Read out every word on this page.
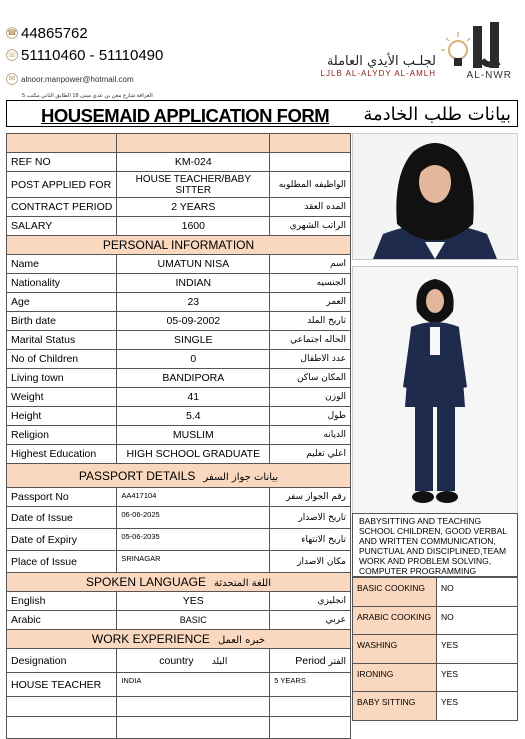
☎ 44865762
☏ 51110460 - 51110490
✉ alnoor.manpower@hotmail.com
الغرافة شارع معن بن عدي مبنى 18 الطابق الثاني مكتب 5
لجلـب الأيدي العاملة
LJLB AL-ALYDY AL-AMLH	AL-NWR
HOUSEMAID APPLICATION FORM بيانات طلب الخادمة

REF NO	KM-024	
POST APPLIED FOR	HOUSE TEACHER/BABY SITTER	الواظيفه المطلوبه
CONTRACT PERIOD	2 YEARS	المده العقد
SALARY	1600	الراتب الشهري
PERSONAL INFORMATION		
Name	UMATUN NISA	اسم
Nationality	INDIAN	الجنسيه
Age	23	العمر
Birth date	05-09-2002	تاريخ الملد
Marital Status	SINGLE	الحاله اجتماعي
No of Children	0	عدد الاطفال
Living town	BANDIPORA	المكان ساكن
Weight	41	الوزن
Height	5.4	طول
Religion	MUSLIM	الديانه
Highest Education	HIGH SCHOOL GRADUATE	اعلي تعليم
PASSPORT DETAILS بيانات جواز السفر		
Passport No	AA417104	رقم الجواز سفر
Date of Issue	06-06-2025	تاريخ الاصدار
Date of Expiry	05-06-2035	تاريخ الانتهاء
Place of Issue	SRINAGAR	مكان الاصدار
SPOKEN LANGUAGE اللغة المتحدثة		
English	YES	انجليزي
Arabic	BASIC	عربي
WORK EXPERIENCE خبره العمل		
Designation	country البلد	Period الفتر
HOUSE TEACHER	INDIA	5 YEARS

BABYSITTING AND TEACHING SCHOOL CHILDREN, GOOD VERBAL AND WRITTEN COMMUNICATION, PUNCTUAL AND DISCIPLINED,TEAM WORK AND PROBLEM SOLVING, COMPUTER PROGRAMMING
BASIC COOKING	NO
ARABIC COOKING	NO
WASHING	YES
IRONING	YES
BABY SITTING	YES
